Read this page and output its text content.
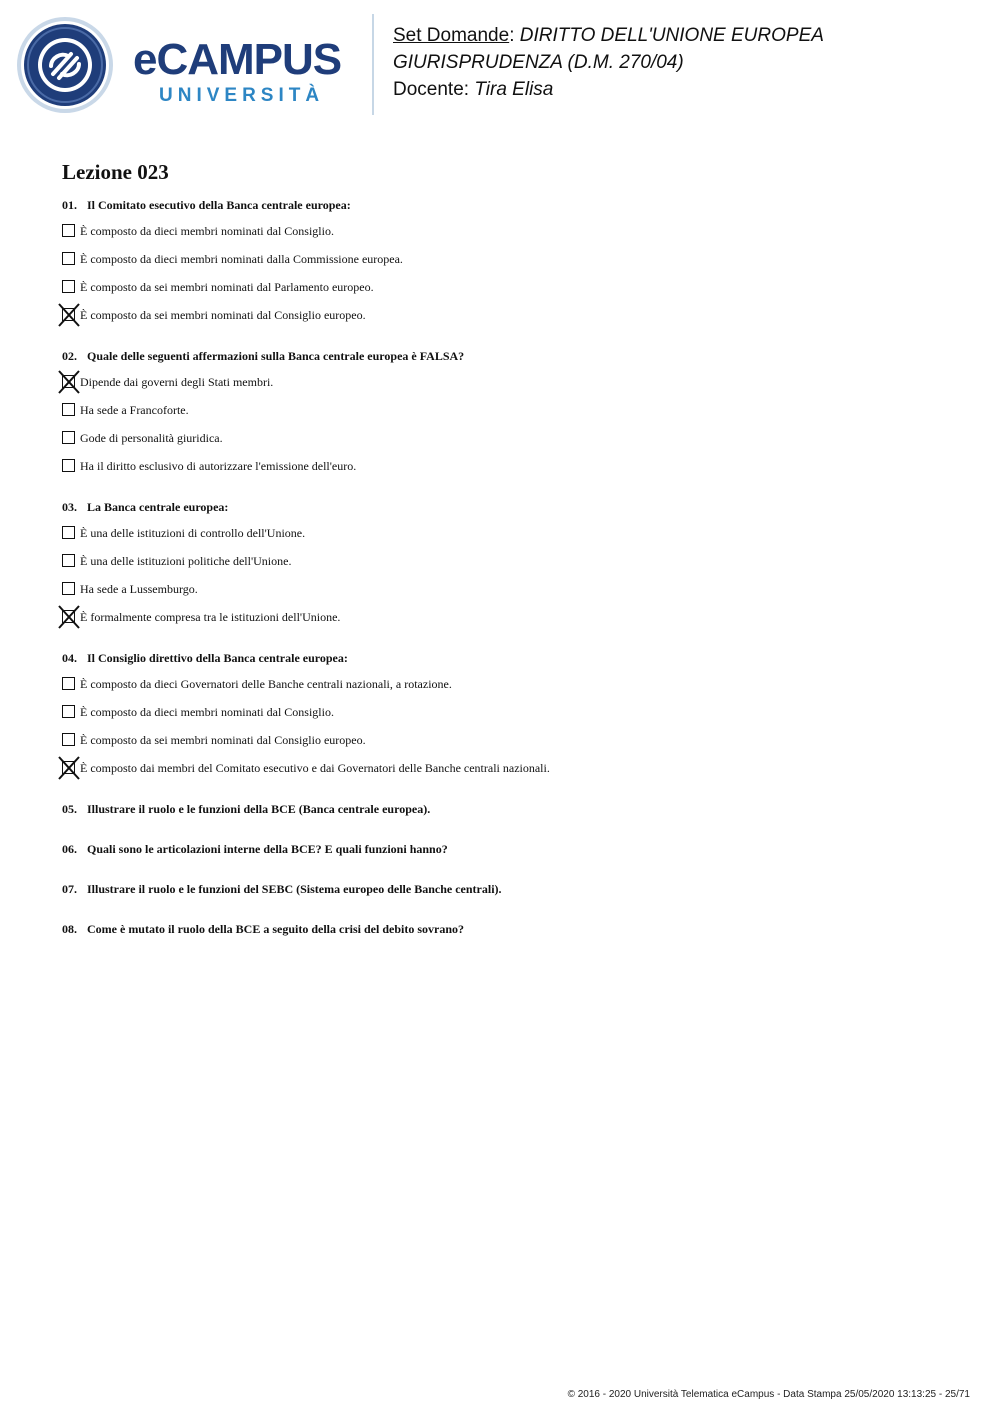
eCAMPUS
UNIVERSITÀ
Set Domande: DIRITTO DELL'UNIONE EUROPEA
GIURISPRUDENZA (D.M. 270/04)
Docente: Tira Elisa
Lezione 023
01. Il Comitato esecutivo della Banca centrale europea:
È composto da dieci membri nominati dal Consiglio.
È composto da dieci membri nominati dalla Commissione europea.
È composto da sei membri nominati dal Parlamento europeo.
È composto da sei membri nominati dal Consiglio europeo.
02. Quale delle seguenti affermazioni sulla Banca centrale europea è FALSA?
Dipende dai governi degli Stati membri.
Ha sede a Francoforte.
Gode di personalità giuridica.
Ha il diritto esclusivo di autorizzare l'emissione dell'euro.
03. La Banca centrale europea:
È una delle istituzioni di controllo dell'Unione.
È una delle istituzioni politiche dell'Unione.
Ha sede a Lussemburgo.
È formalmente compresa tra le istituzioni dell'Unione.
04. Il Consiglio direttivo della Banca centrale europea:
È composto da dieci Governatori delle Banche centrali nazionali, a rotazione.
È composto da dieci membri nominati dal Consiglio.
È composto da sei membri nominati dal Consiglio europeo.
È composto dai membri del Comitato esecutivo e dai Governatori delle Banche centrali nazionali.
05. Illustrare il ruolo e le funzioni della BCE (Banca centrale europea).
06. Quali sono le articolazioni interne della BCE? E quali funzioni hanno?
07. Illustrare il ruolo e le funzioni del SEBC (Sistema europeo delle Banche centrali).
08. Come è mutato il ruolo della BCE a seguito della crisi del debito sovrano?
© 2016 - 2020 Università Telematica eCampus - Data Stampa 25/05/2020 13:13:25 - 25/71
